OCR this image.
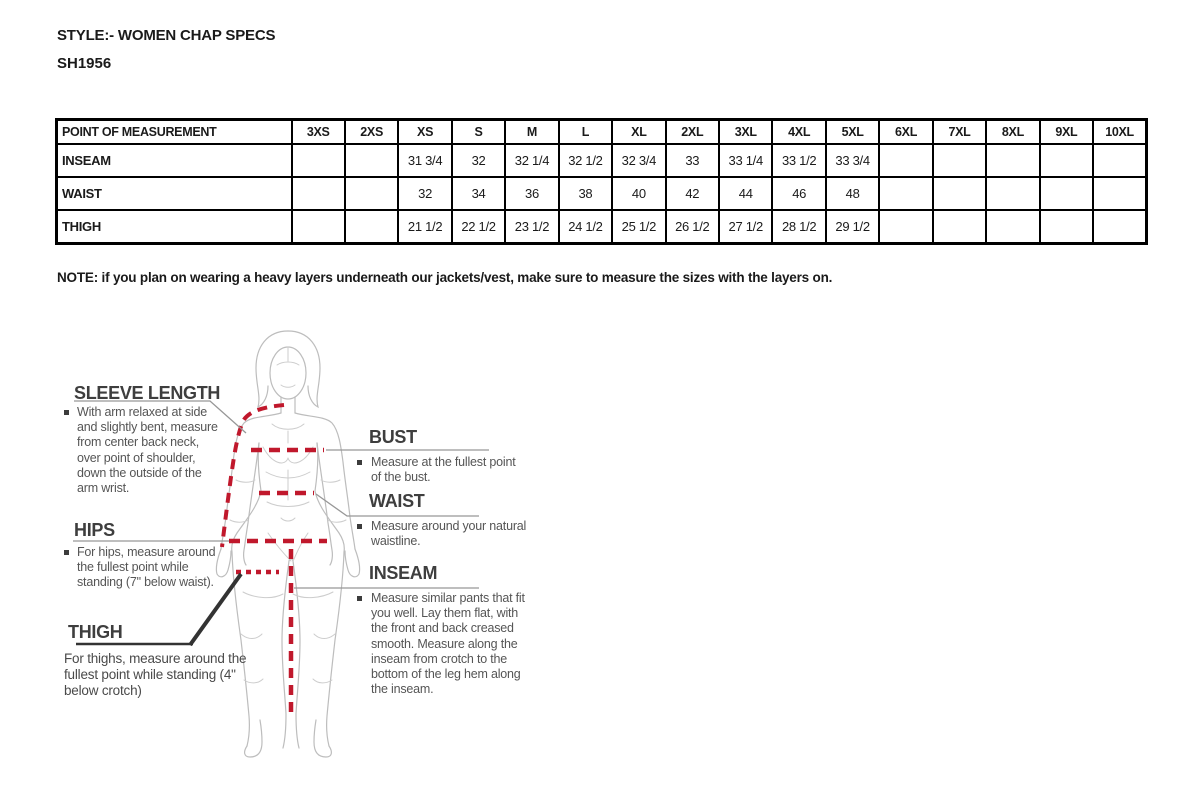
STYLE:- WOMEN CHAP SPECS
SH1956
POINT OF MEASUREMENT	3XS	2XS	XS	S	M	L	XL	2XL	3XL	4XL	5XL	6XL	7XL	8XL	9XL	10XL
INSEAM			31 3/4	32	32 1/4	32 1/2	32 3/4	33	33 1/4	33 1/2	33 3/4					
WAIST			32	34	36	38	40	42	44	46	48					
THIGH			21 1/2	22 1/2	23 1/2	24 1/2	25 1/2	26 1/2	27 1/2	28 1/2	29 1/2					
NOTE: if you plan on wearing a heavy layers underneath our jackets/vest, make sure to measure the sizes with the layers on.
SLEEVE LENGTH
With arm relaxed at side and slightly bent, measure from center back neck, over point of shoulder, down the outside of the arm wrist.
HIPS
For hips, measure around the fullest point while standing (7" below waist).
THIGH
For thighs, measure around the fullest point while standing (4" below crotch)
BUST
Measure at the fullest point of the bust.
WAIST
Measure around your natural waistline.
INSEAM
Measure similar pants that fit you well. Lay them flat, with the front and back creased smooth. Measure along the inseam from crotch to the bottom of the leg hem along the inseam.
